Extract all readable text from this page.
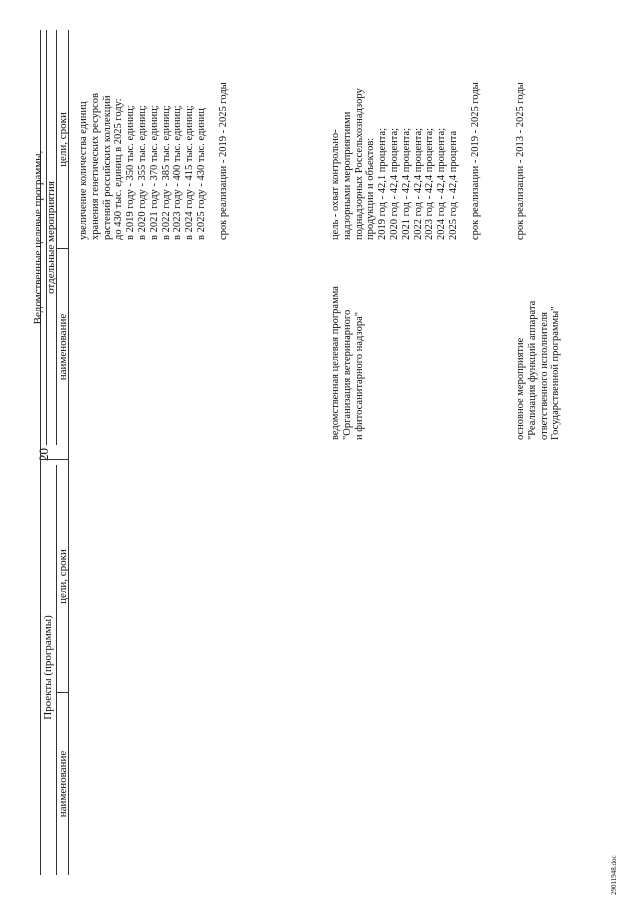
20
Проекты (программы)
наименование
цели, сроки
Ведомственные целевые программы, отдельные мероприятия
наименование
цели, сроки увеличение количества единиц хранения генетических ресурсов растений российских коллекций до 430 тыс. единиц в 2025 году: в 2019 году - 350 тыс. единиц; в 2020 году - 355 тыс. единиц; в 2021 году - 370 тыс. единиц; в 2022 году - 385 тыс. единиц; в 2023 году - 400 тыс. единиц; в 2024 году - 415 тыс. единиц; в 2025 году - 430 тыс. единиц срок реализации - 2019 - 2025 годы
ведомственная целевая программа "Организация ветеринарного и фитосанитарного надзора"
цель - охват контрольно- надзорными мероприятиями поднадзорных Россельхознадзору продукции и объектов: 2019 год - 42,1 процента; 2020 год - 42,4 процента; 2021 год - 42,4 процента; 2022 год - 42,4 процента; 2023 год - 42,4 процента; 2024 год - 42,4 процента; 2025 год - 42,4 процента срок реализации - 2019 - 2025 годы
основное мероприятие "Реализация функций аппарата ответственного исполнителя Государственной программы"
срок реализации - 2013 - 2025 годы
29011948.doc
